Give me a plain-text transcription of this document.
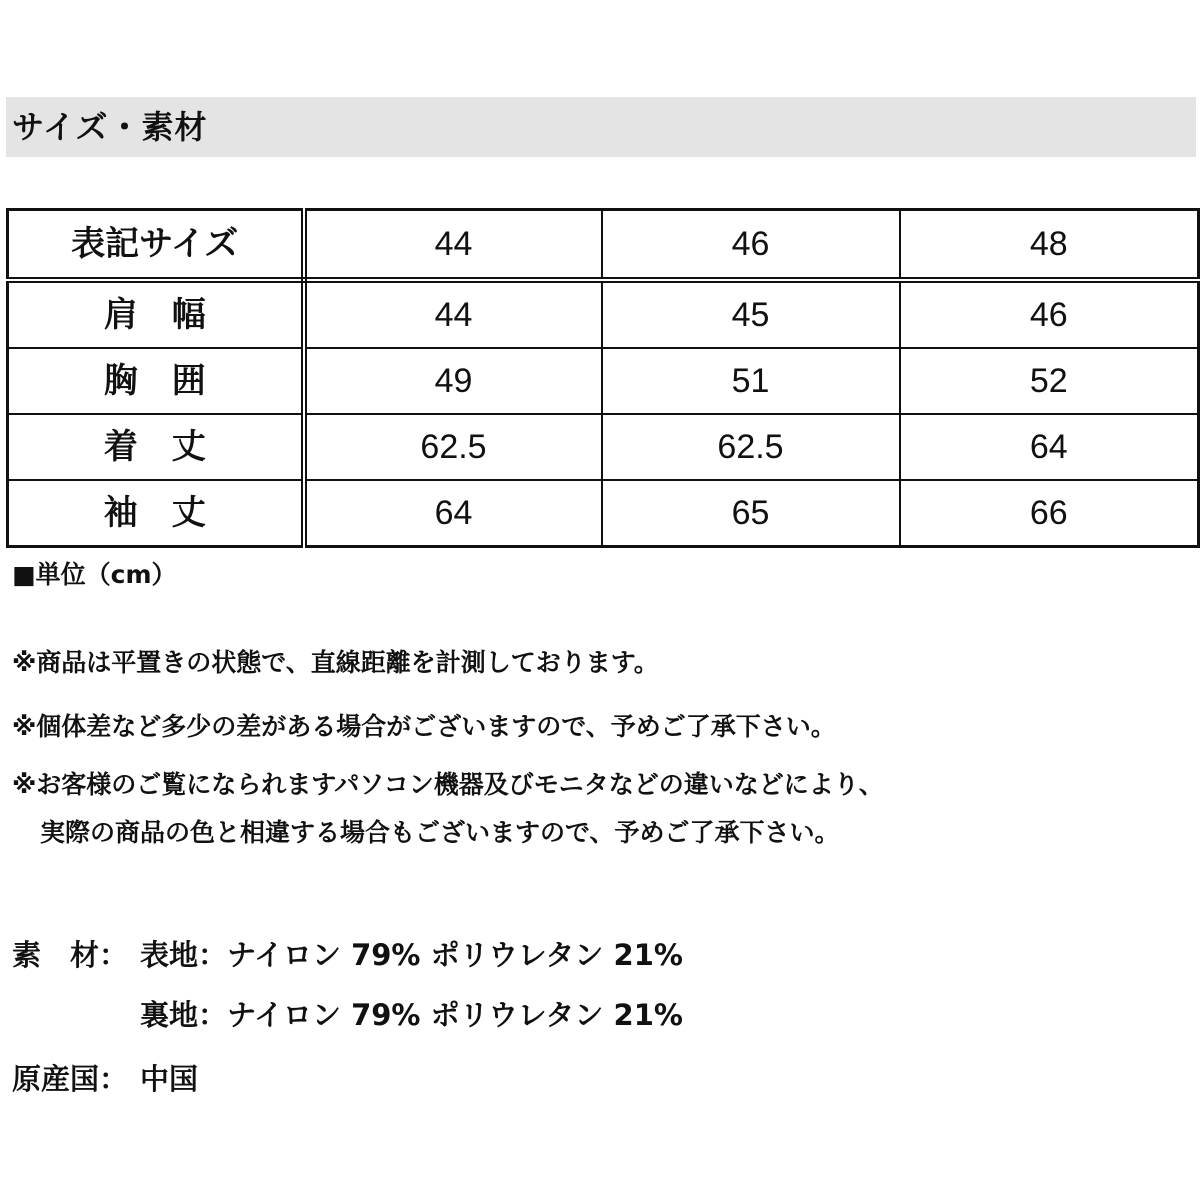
サイズ・素材
表記サイズ	44	46	48
肩　幅	44	45	46
胸　囲	49	51	52
着　丈	62.5	62.5	64
袖　丈	64	65	66
■単位（cm）
※商品は平置きの状態で、直線距離を計測しております。
※個体差など多少の差がある場合がございますので、予めご了承下さい。
※お客様のご覧になられますパソコン機器及びモニタなどの違いなどにより、
実際の商品の色と相違する場合もございますので、予めご了承下さい。
素　材： 表地：ナイロン 79% ポリウレタン 21%
裏地：ナイロン 79% ポリウレタン 21%
原産国： 中国
